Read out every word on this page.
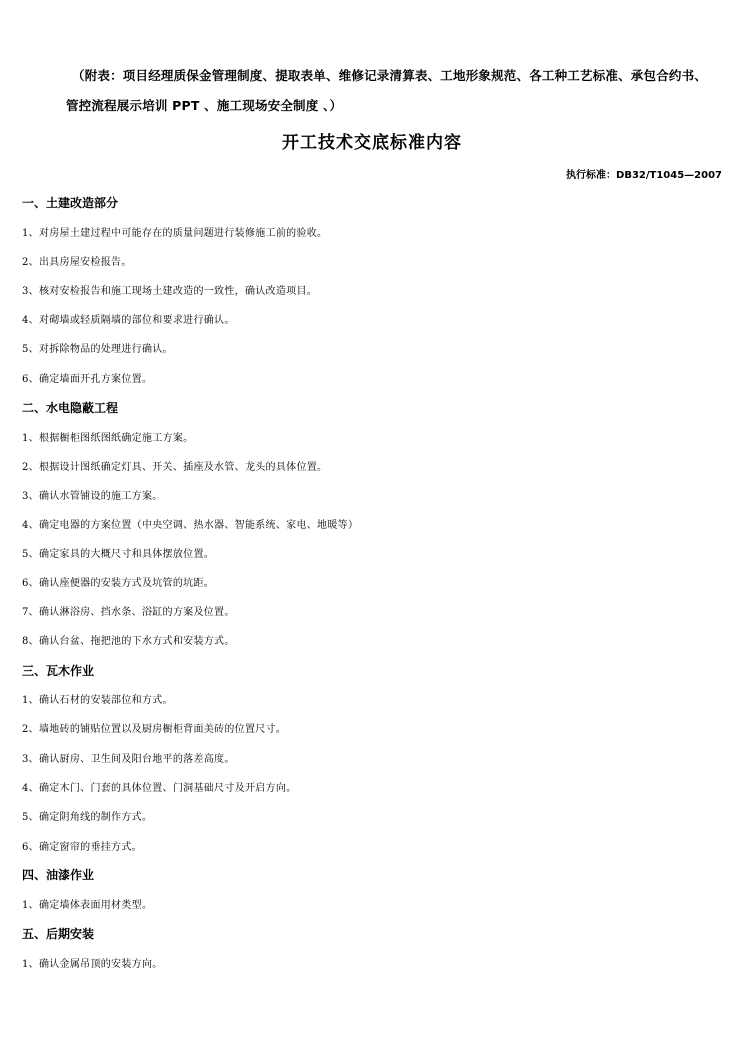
（附表：项目经理质保金管理制度、提取表单、维修记录清算表、工地形象规范、各工种工艺标准、承包合约书、
管控流程展示培训 PPT 、施工现场安全制度 、）
开工技术交底标准内容
执行标准：DB32/T1045—2007
一、土建改造部分
1、对房屋土建过程中可能存在的质量问题进行装修施工前的验收。
2、出具房屋安检报告。
3、核对安检报告和施工现场土建改造的一致性，确认改造项目。
4、对砌墙或轻质隔墙的部位和要求进行确认。
5、对拆除物品的处理进行确认。
6、确定墙面开孔方案位置。
二、水电隐蔽工程
1、根据橱柜图纸图纸确定施工方案。
2、根据设计图纸确定灯具、开关、插座及水管、龙头的具体位置。
3、确认水管铺设的施工方案。
4、确定电器的方案位置（中央空调、热水器、智能系统、家电、地暖等）
5、确定家具的大概尺寸和具体摆放位置。
6、确认座便器的安装方式及坑管的坑距。
7、确认淋浴房、挡水条、浴缸的方案及位置。
8、确认台盆、拖把池的下水方式和安装方式。
三、瓦木作业
1、确认石材的安装部位和方式。
2、墙地砖的铺贴位置以及厨房橱柜背面美砖的位置尺寸。
3、确认厨房、卫生间及阳台地平的落差高度。
4、确定木门、门套的具体位置、门洞基础尺寸及开启方向。
5、确定阴角线的制作方式。
6、确定窗帘的垂挂方式。
四、油漆作业
1、确定墙体表面用材类型。
五、后期安装
1、确认金属吊顶的安装方向。
